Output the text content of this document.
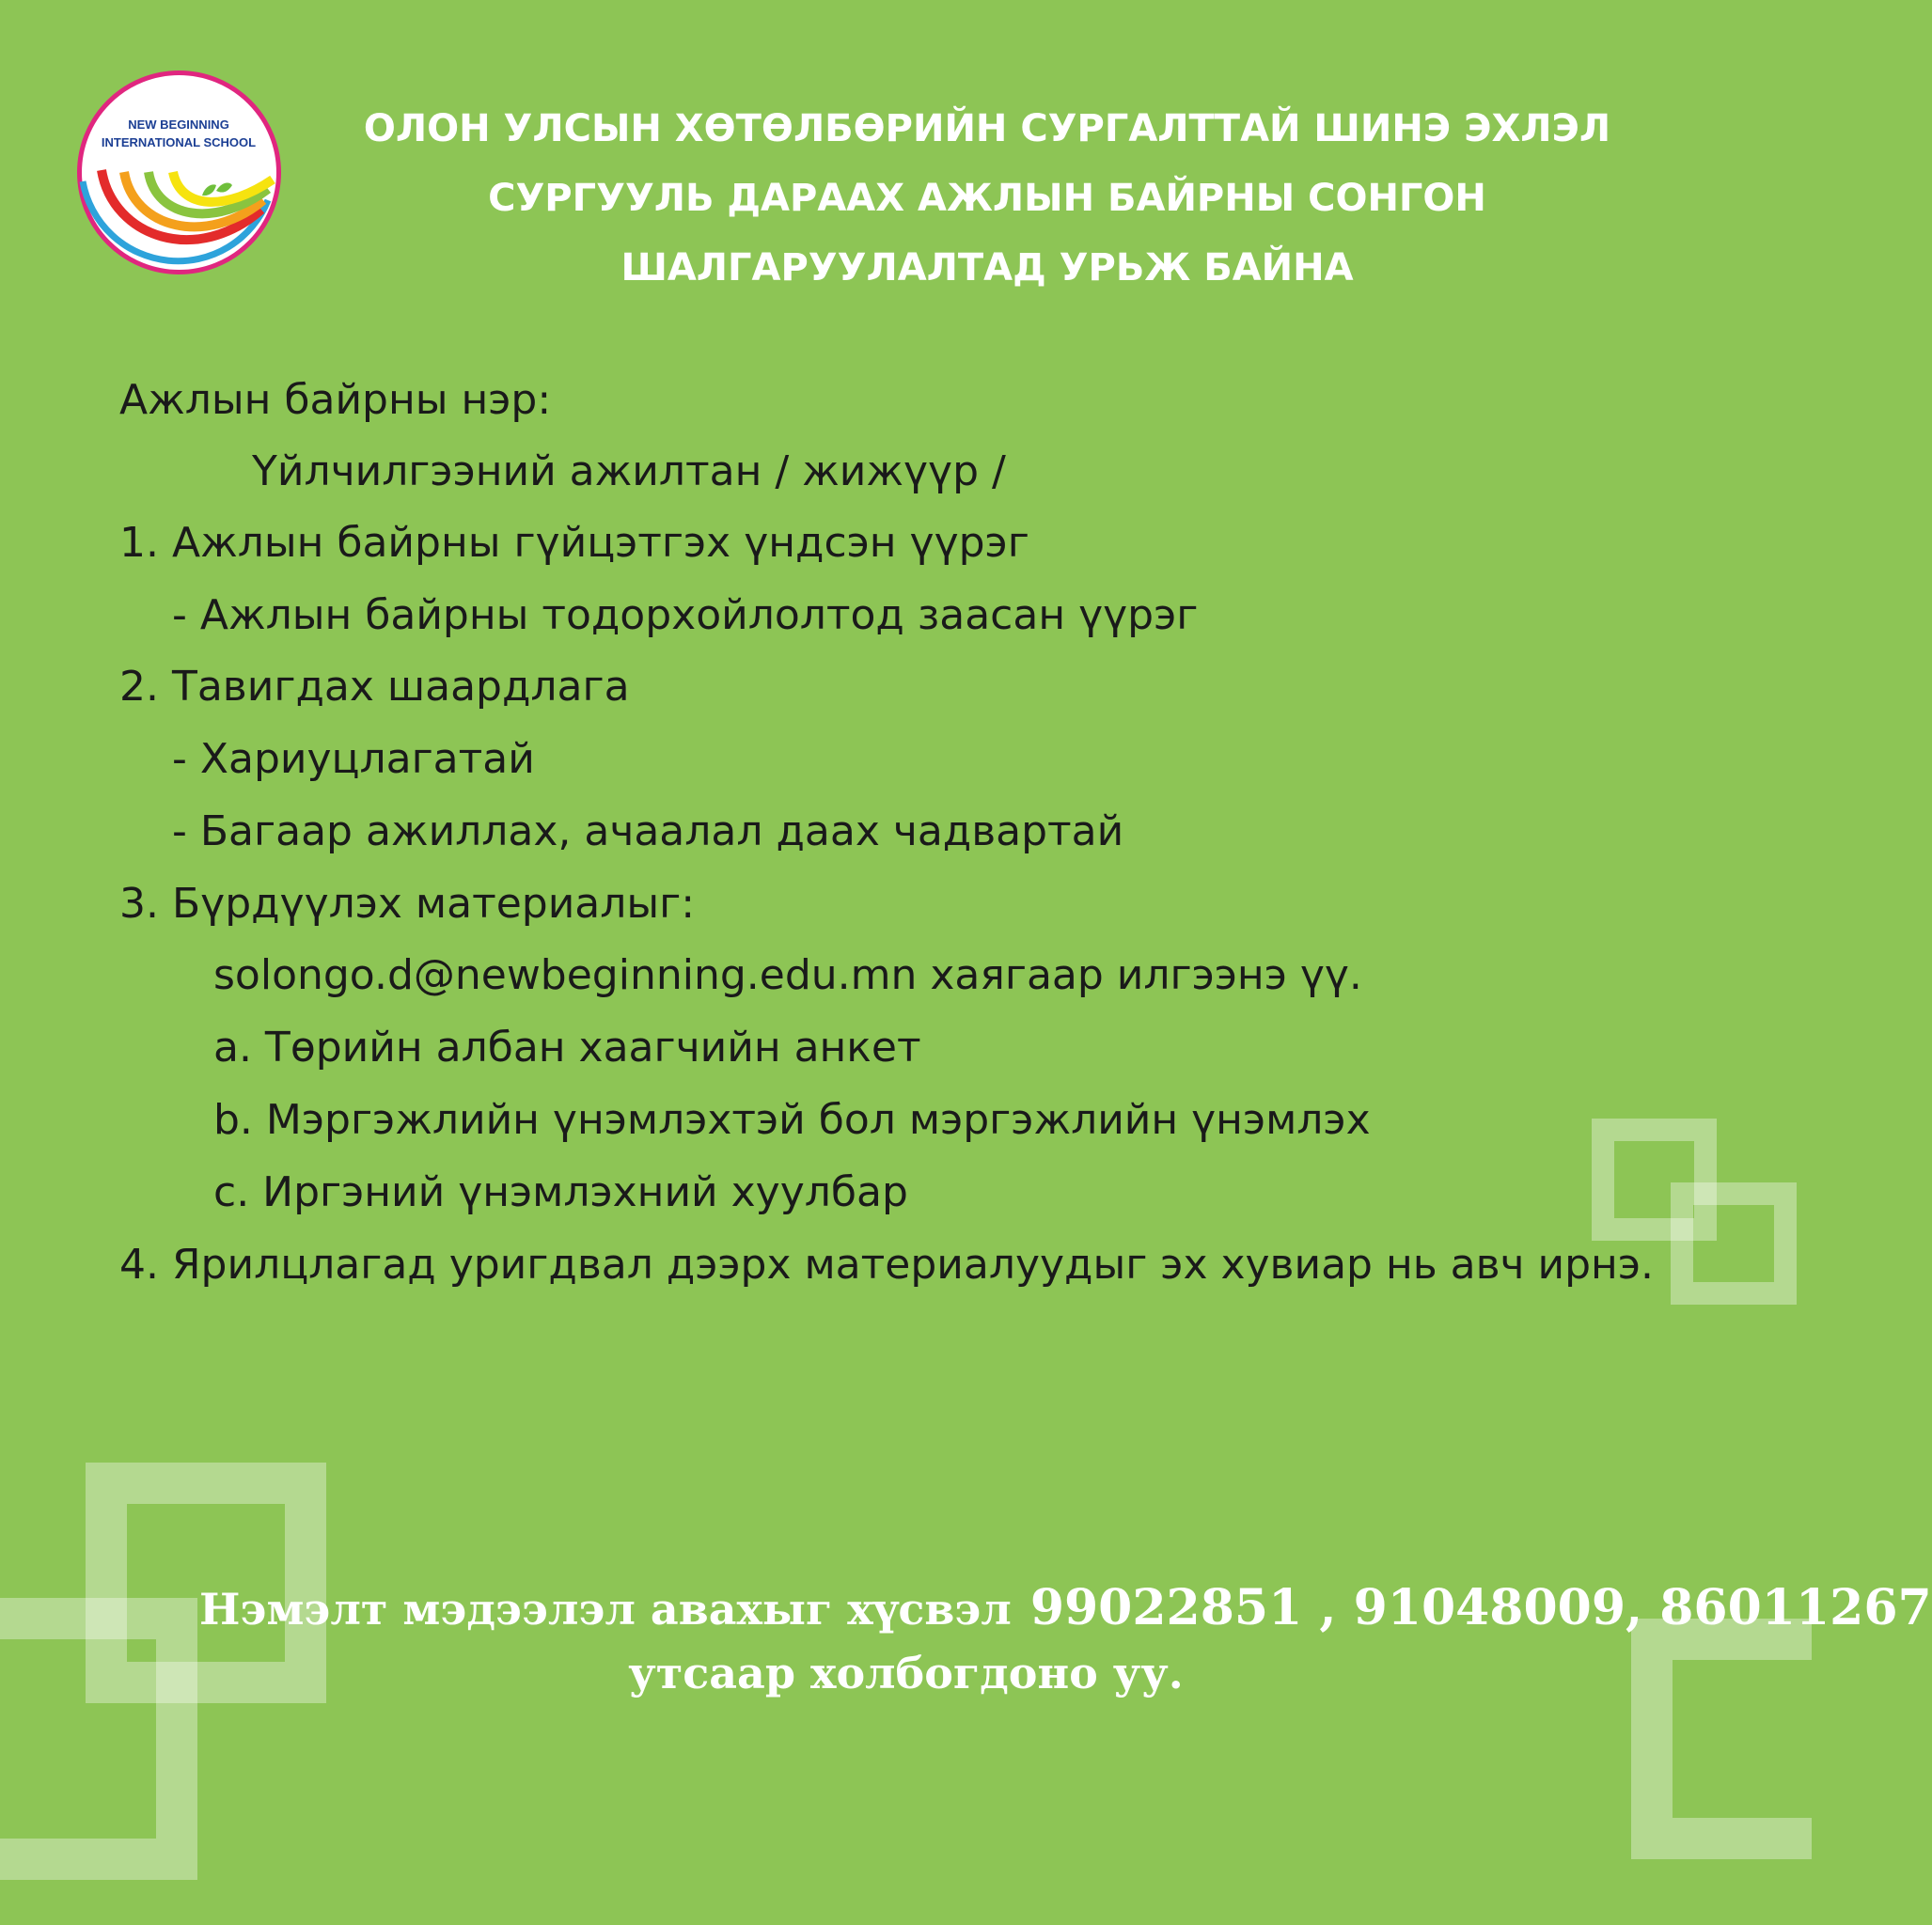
NEW BEGINNING
INTERNATIONAL SCHOOL	ОЛОН УЛСЫН ХӨТӨЛБӨРИЙН СУРГАЛТТАЙ ШИНЭ ЭХЛЭЛ
СУРГУУЛЬ ДАРААХ АЖЛЫН БАЙРНЫ СОНГОН
ШАЛГАРУУЛАЛТАД УРЬЖ БАЙНА
Ажлын байрны нэр:
Үйлчилгээний ажилтан / жижүүр /
1. Ажлын байрны гүйцэтгэх үндсэн үүрэг
- Ажлын байрны тодорхойлолтод заасан үүрэг
2. Тавигдах шаардлага
- Хариуцлагатай
- Багаар ажиллах, ачаалал даах чадвартай
3. Бүрдүүлэх материалыг:
solongo.d@newbeginning.edu.mn хаягаар илгээнэ үү.
a. Төрийн албан хаагчийн анкет
b. Мэргэжлийн үнэмлэхтэй бол мэргэжлийн үнэмлэх
c. Иргэний үнэмлэхний хуулбар
4. Ярилцлагад уригдвал дээрх материалуудыг эх хувиар нь авч ирнэ.
Нэмэлт мэдээлэл авахыг хүсвэл 99022851 , 91048009, 86011267
утсаар холбогдоно уу.
